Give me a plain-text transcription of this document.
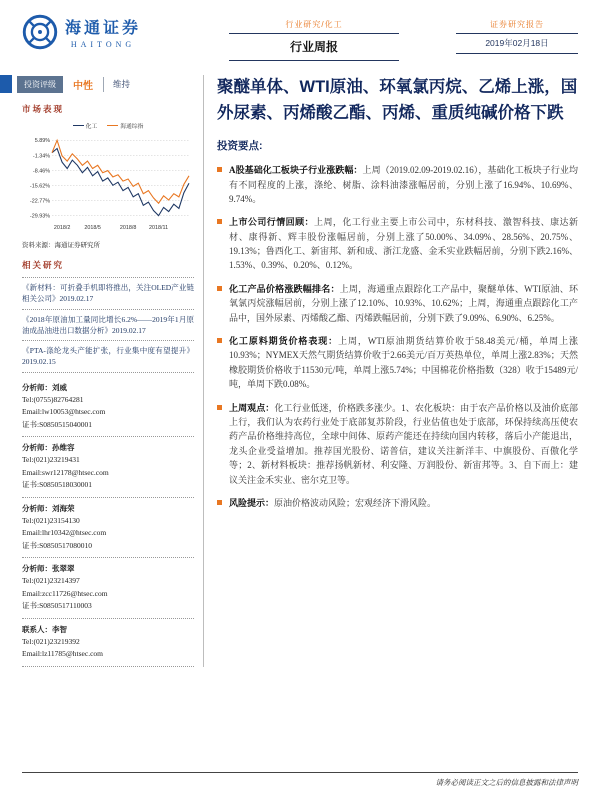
海通证券
HAITONG
行业研究/化工
行业周报
证券研究报告
2019年02月18日
投资评级	中性	维持
市场表现
化工	海通综指
5.89%
-1.34%
-8.46%
-15.62%
-22.77%
-29.93%
2018/2	2018/5	2018/8 2018/11
资料来源：海通证券研究所
相关研究
《新材料：可折叠手机即将推出，关注OLED产业链相关公司》2019.02.17
《2018年原油加工量同比增长6.2%——2019年1月原油成品油进出口数据分析》2019.02.17
《PTA-涤纶龙头产能扩张，行业集中度有望提升》2019.02.15
分析师：刘威
Tel:(0755)82764281
Email:lw10053@htsec.com
证书:S0850515040001
分析师：孙维容
Tel:(021)23219431
Email:swr12178@htsec.com
证书:S0850518030001
分析师：刘海荣
Tel:(021)23154130
Email:lhr10342@htsec.com
证书:S0850517080010
分析师：张翠翠
Tel:(021)23214397
Email:zcc11726@htsec.com
证书:S0850517110003
联系人：李智
Tel:(021)23219392
Email:lz11785@htsec.com
聚醚单体、WTI原油、环氧氯丙烷、乙烯上涨，国外尿素、丙烯酸乙酯、丙烯、重质纯碱价格下跌
投资要点:

A股基础化工板块子行业涨跌幅：上周（2019.02.09-2019.02.16），基础化工板块子行业均有不同程度的上涨，涤纶、树脂、涂料油漆涨幅居前，分别上涨了16.94%、10.69%、9.74%。

上市公司行情回顾：上周，化工行业主要上市公司中，东材科技、激智科技、康达新材、康得新、辉丰股份涨幅居前，分别上涨了50.00%、34.09%、28.56%、20.75%、19.13%；鲁西化工、新宙邦、新和成、浙江龙盛、金禾实业跌幅居前，分别下跌2.16%、1.53%、0.39%、0.20%、0.12%。

化工产品价格涨跌幅排名：上周，海通重点跟踪化工产品中，聚醚单体、WTI原油、环氧氯丙烷涨幅居前，分别上涨了12.10%、10.93%、10.62%；上周，海通重点跟踪化工产品中，国外尿素、丙烯酸乙酯、丙烯跌幅居前，分别下跌了9.09%、6.90%、6.25%。

化工原料期货价格表现：上周，WTI原油期货结算价收于58.48美元/桶，单周上涨10.93%；NYMEX天然气期货结算价收于2.66美元/百万英热单位，单周上涨2.83%；天然橡胶期货价格收于11530元/吨，单周上涨5.74%；中国棉花价格指数（328）收于15489元/吨，单周下跌0.08%。

上周观点：化工行业低迷，价格跌多涨少。1、农化板块：由于农产品价格以及油价底部上行，我们认为农药行业处于底部复苏阶段，行业估值也处于底部，环保持续高压使农药产品价格维持高位，全球中间体、原药产能还在持续向国内转移，落后小产能退出，龙头企业受益增加。推荐国光股份、诺普信，建议关注新洋丰、中旗股份、百傲化学等；2、新材料板块：推荐扬帆新材、利安隆、万润股份、新宙邦等。3、自下而上：建议关注金禾实业、密尔克卫等。

风险提示：原油价格波动风险；宏观经济下滑风险。

请务必阅读正文之后的信息披露和法律声明
